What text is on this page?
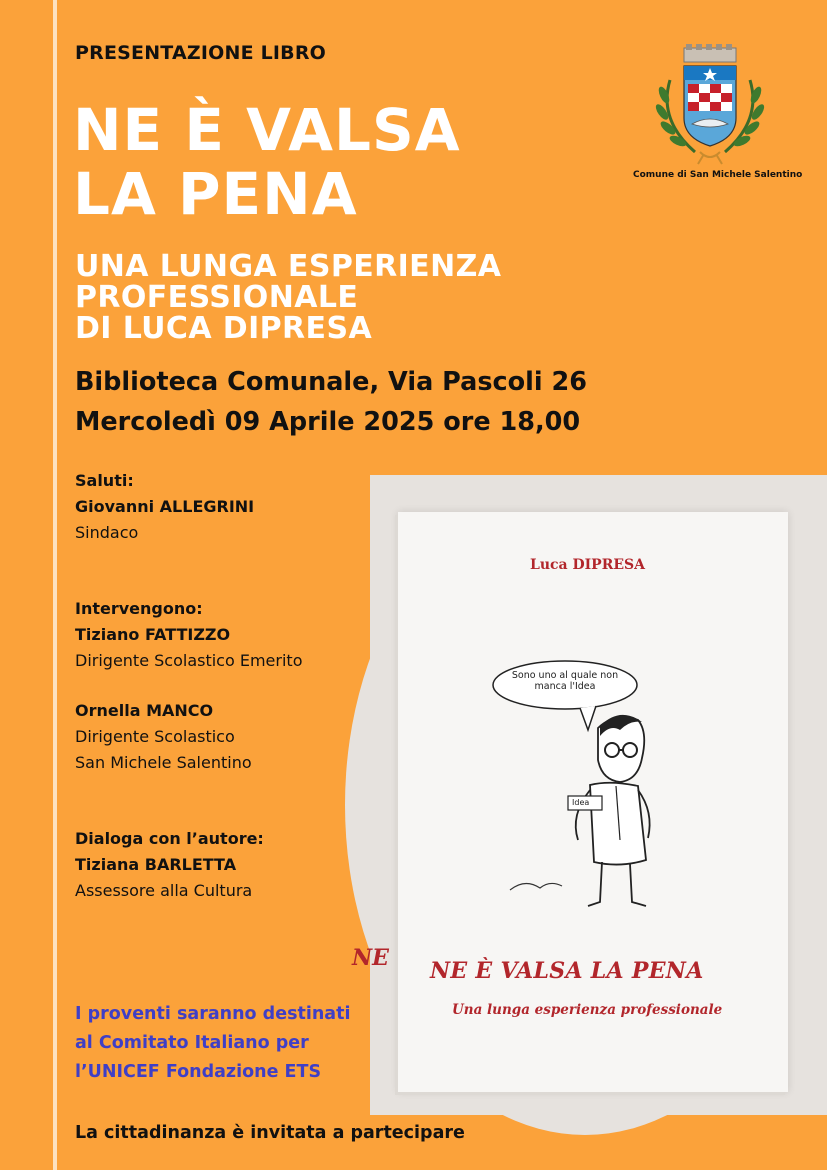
PRESENTAZIONE LIBRO
NE È VALSA
LA PENA
UNA LUNGA ESPERIENZA
PROFESSIONALE
DI LUCA DIPRESA
Biblioteca Comunale, Via Pascoli 26
Mercoledì 09 Aprile 2025 ore 18,00
Saluti:
Giovanni ALLEGRINI
Sindaco
Intervengono:
Tiziano FATTIZZO
Dirigente Scolastico Emerito
Ornella MANCO
Dirigente Scolastico
San Michele Salentino
Dialoga con l’autore:
Tiziana BARLETTA
Assessore alla Cultura
I proventi saranno destinati
al Comitato Italiano per
l’UNICEF Fondazione ETS
La cittadinanza è invitata a partecipare
Comune di San Michele Salentino
NE
Luca DIPRESA
Sono uno al quale non manca l'Idea
Idea
NE È VALSA LA PENA
Una lunga esperienza professionale
